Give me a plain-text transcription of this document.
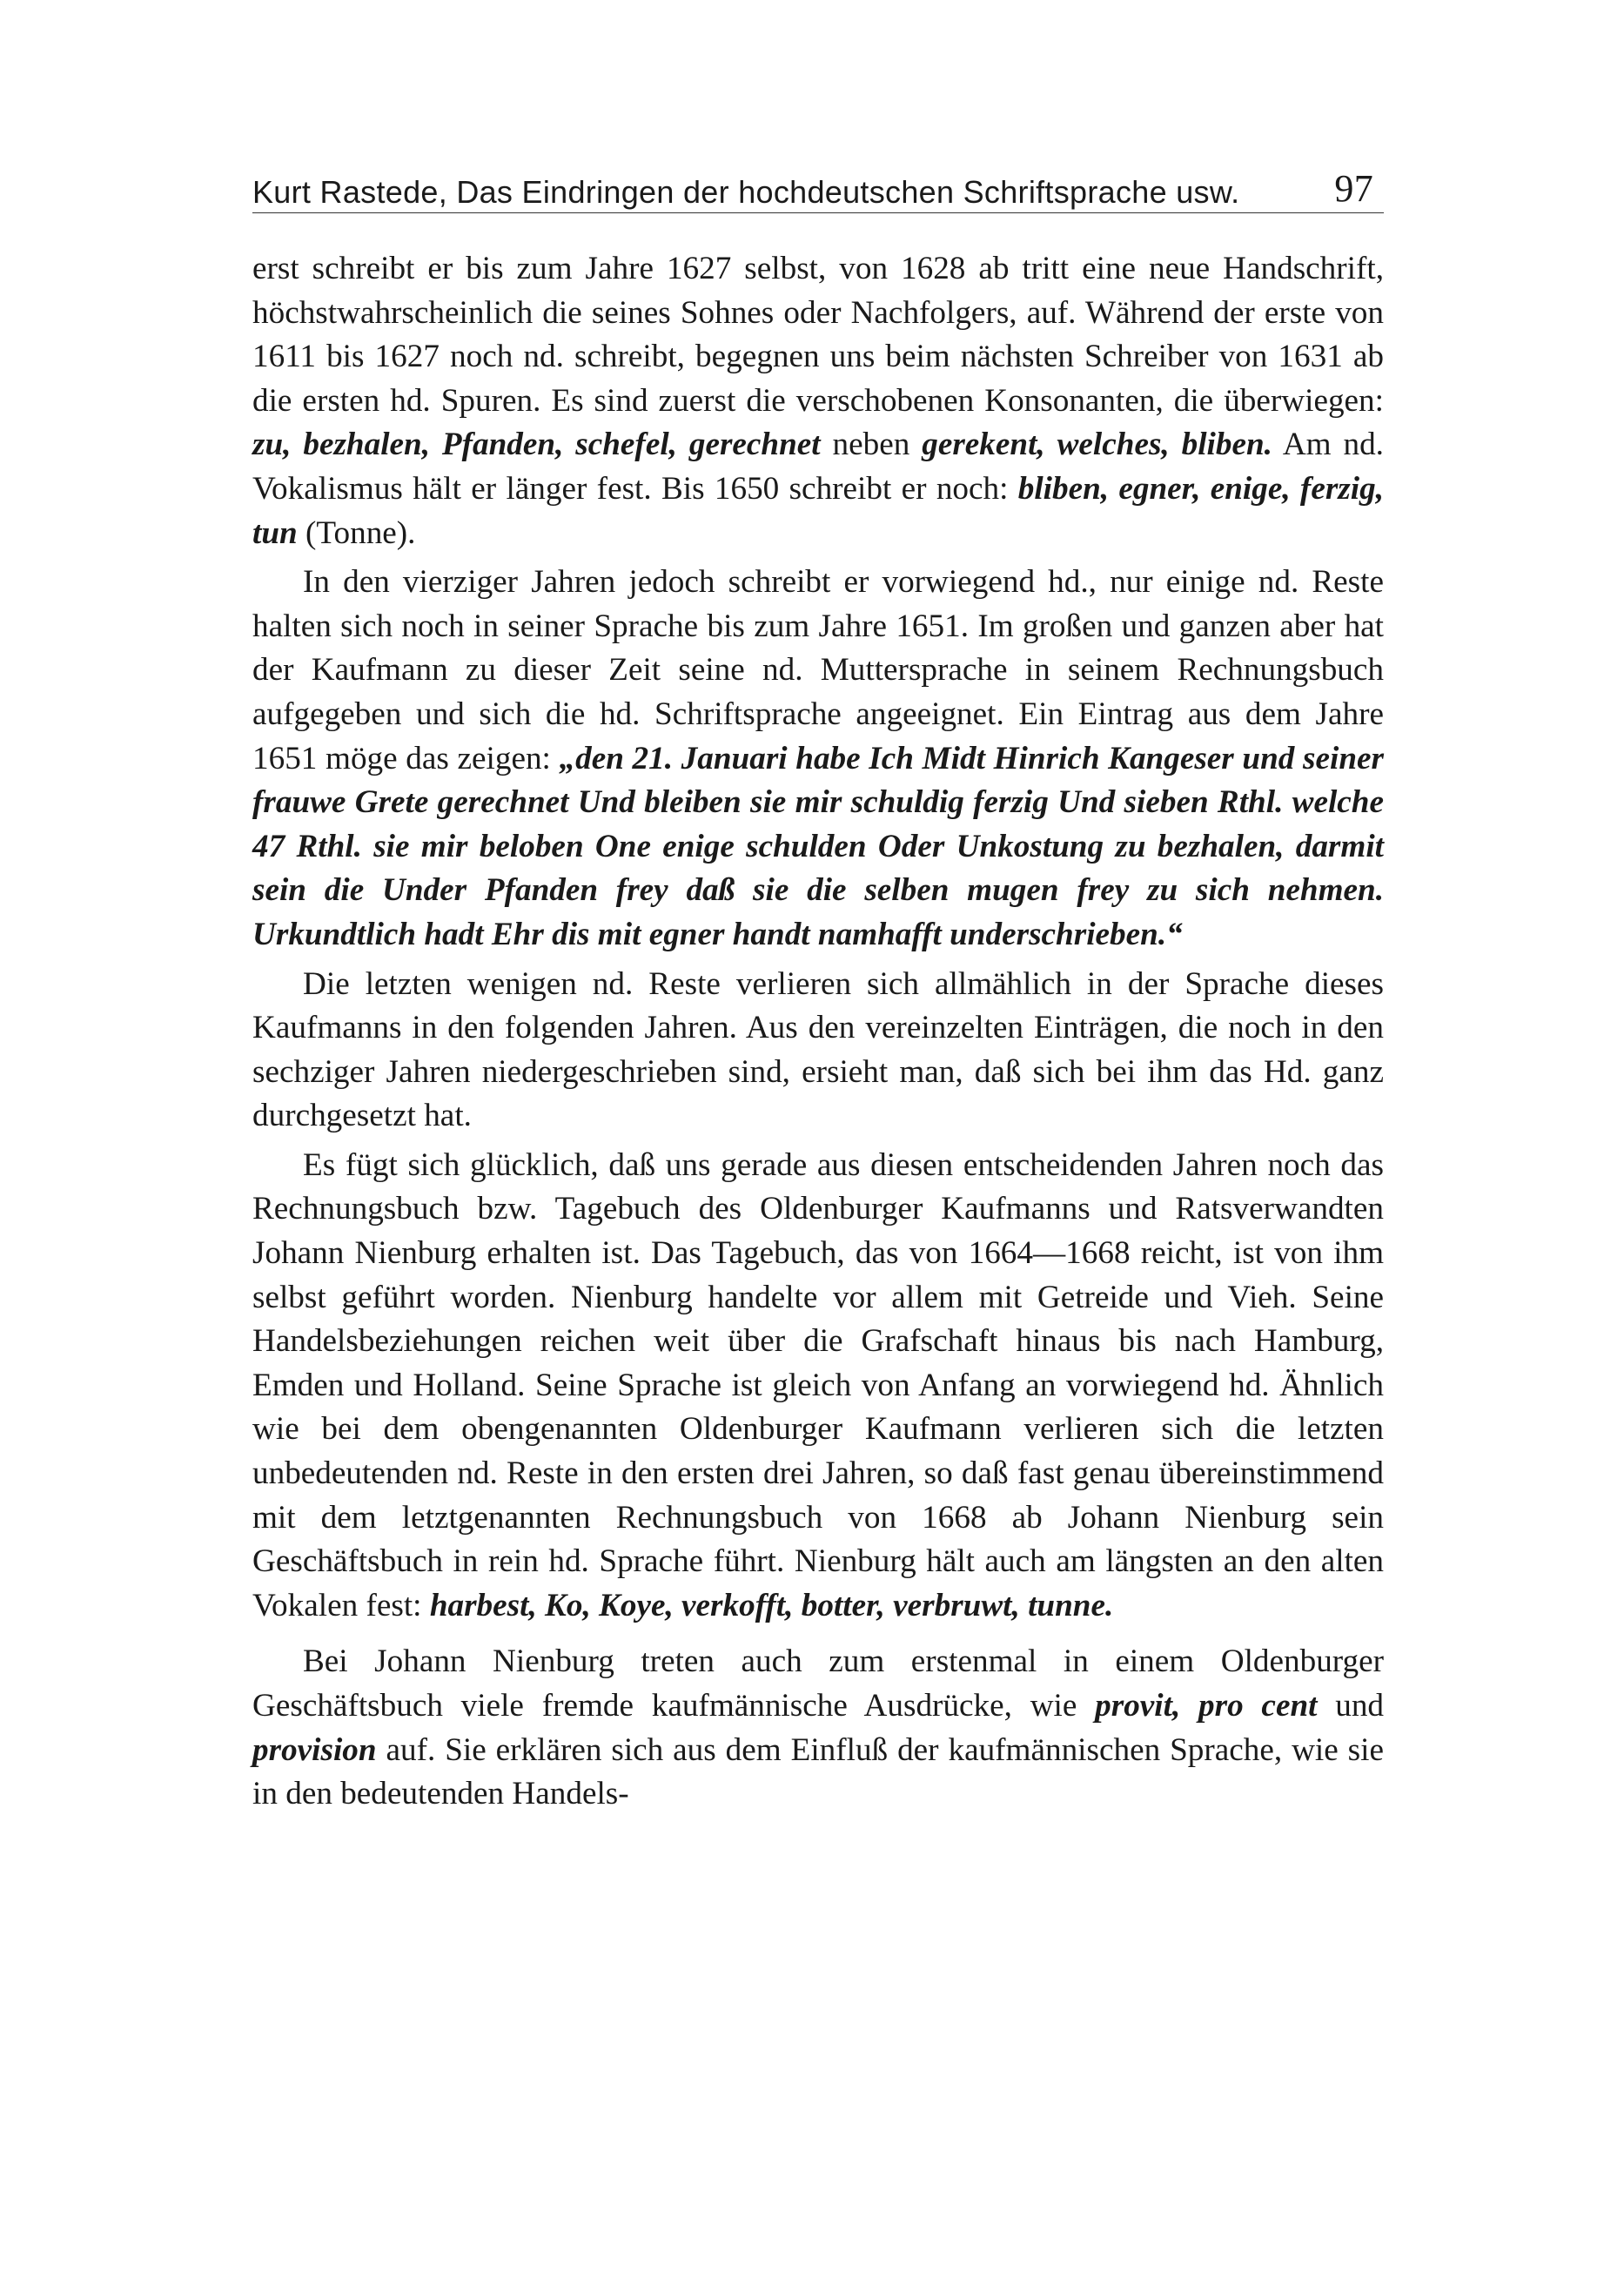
Kurt Rastede, Das Eindringen der hochdeutschen Schriftsprache usw. 97

erst schreibt er bis zum Jahre 1627 selbst, von 1628 ab tritt eine neue Handschrift, höchstwahrscheinlich die seines Sohnes oder Nachfolgers, auf. Während der erste von 1611 bis 1627 noch nd. schreibt, begegnen uns beim nächsten Schreiber von 1631 ab die ersten hd. Spuren. Es sind zuerst die verschobenen Konsonanten, die überwiegen: zu, bezhalen, Pfanden, schefel, gerechnet neben gerekent, welches, bliben. Am nd. Vokalismus hält er länger fest. Bis 1650 schreibt er noch: bliben, egner, enige, ferzig, tun (Tonne).

In den vierziger Jahren jedoch schreibt er vorwiegend hd., nur einige nd. Reste halten sich noch in seiner Sprache bis zum Jahre 1651. Im großen und ganzen aber hat der Kaufmann zu dieser Zeit seine nd. Muttersprache in seinem Rechnungsbuch aufgegeben und sich die hd. Schriftsprache angeeignet. Ein Eintrag aus dem Jahre 1651 möge das zeigen: „den 21. Januari habe Ich Midt Hinrich Kangeser und seiner frauwe Grete gerechnet Und bleiben sie mir schuldig ferzig Und sieben Rthl. welche 47 Rthl. sie mir beloben One enige schulden Oder Unkostung zu bezhalen, darmit sein die Under Pfanden frey daß sie die selben mugen frey zu sich nehmen. Urkundtlich hadt Ehr dis mit egner handt namhafft underschrieben.“

Die letzten wenigen nd. Reste verlieren sich allmählich in der Sprache dieses Kaufmanns in den folgenden Jahren. Aus den vereinzelten Einträgen, die noch in den sechziger Jahren niedergeschrieben sind, ersieht man, daß sich bei ihm das Hd. ganz durchgesetzt hat.

Es fügt sich glücklich, daß uns gerade aus diesen entscheidenden Jahren noch das Rechnungsbuch bzw. Tagebuch des Oldenburger Kaufmanns und Ratsverwandten Johann Nienburg erhalten ist. Das Tagebuch, das von 1664—1668 reicht, ist von ihm selbst geführt worden. Nienburg handelte vor allem mit Getreide und Vieh. Seine Handelsbeziehungen reichen weit über die Grafschaft hinaus bis nach Hamburg, Emden und Holland. Seine Sprache ist gleich von Anfang an vorwiegend hd. Ähnlich wie bei dem obengenannten Oldenburger Kaufmann verlieren sich die letzten unbedeutenden nd. Reste in den ersten drei Jahren, so daß fast genau übereinstimmend mit dem letztgenannten Rechnungsbuch von 1668 ab Johann Nienburg sein Geschäftsbuch in rein hd. Sprache führt. Nienburg hält auch am längsten an den alten Vokalen fest: harbest, Ko, Koye, verkofft, botter, verbruwt, tunne.

Bei Johann Nienburg treten auch zum erstenmal in einem Oldenburger Geschäftsbuch viele fremde kaufmännische Ausdrücke, wie provit, pro cent und provision auf. Sie erklären sich aus dem Einfluß der kaufmännischen Sprache, wie sie in den bedeutenden Handels-
